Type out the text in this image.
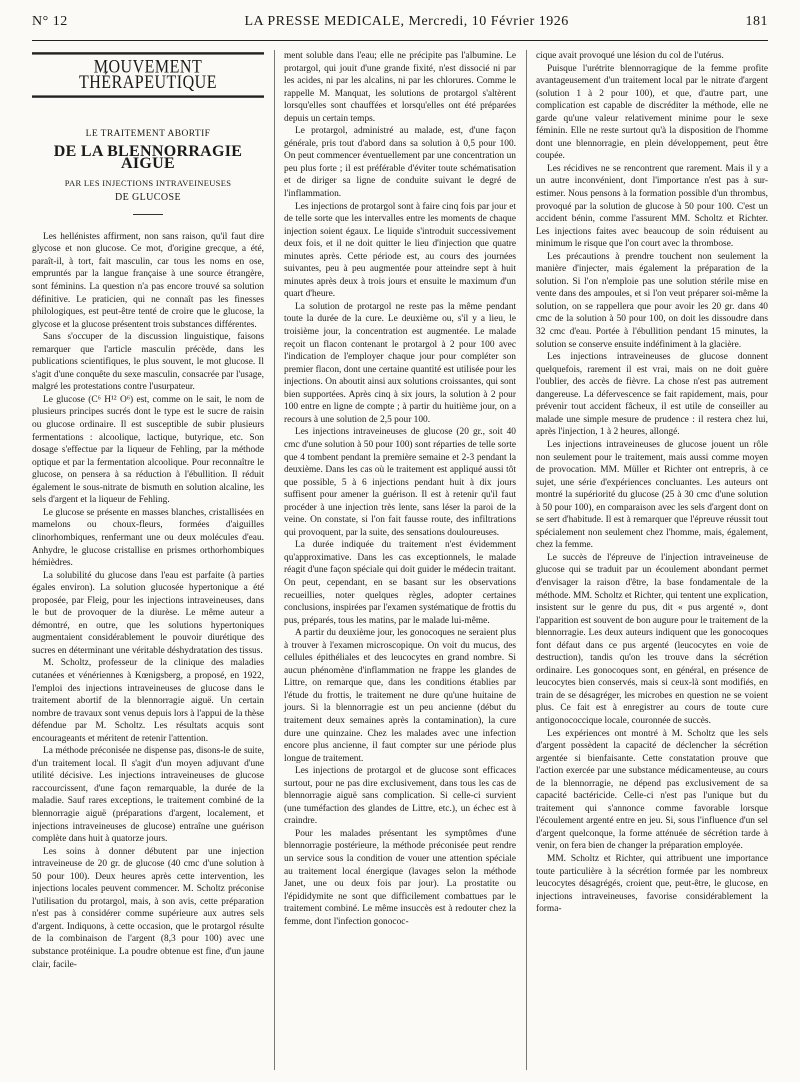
N° 12	LA PRESSE MEDICALE, Mercredi, 10 Février 1926	181
MOUVEMENT THÉRAPEUTIQUE
LE TRAITEMENT ABORTIF
DE LA BLENNORRAGIE AIGUE
PAR LES INJECTIONS INTRAVEINEUSES
DE GLUCOSE

Les hellénistes affirment, non sans raison, qu'il faut dire glycose et non glucose. Ce mot, d'origine grecque, a été, paraît-il, à tort, fait masculin, car tous les noms en ose, empruntés par la langue française à une source étrangère, sont féminins. La question n'a pas encore trouvé sa solution définitive. Le praticien, qui ne connaît pas les finesses philologiques, est peut-être tenté de croire que le glucose, la glycose et la glucose présentent trois substances différentes.

Sans s'occuper de la discussion linguistique, faisons remarquer que l'article masculin précède, dans les publications scientifiques, le plus souvent, le mot glucose. Il s'agit d'une conquête du sexe masculin, consacrée par l'usage, malgré les protestations contre l'usurpateur.

Le glucose (C⁶ H¹² O⁶) est, comme on le sait, le nom de plusieurs principes sucrés dont le type est le sucre de raisin ou glucose ordinaire. Il est susceptible de subir plusieurs fermentations : alcoolique, lactique, butyrique, etc. Son dosage s'effectue par la liqueur de Fehling, par la méthode optique et par la fermentation alcoolique. Pour reconnaître le glucose, on pensera à sa réduction à l'ébullition. Il réduit également le sous-nitrate de bismuth en solution alcaline, les sels d'argent et la liqueur de Fehling.

Le glucose se présente en masses blanches, cristallisées en mamelons ou choux-fleurs, formées d'aiguilles clinorhombiques, renfermant une ou deux molécules d'eau. Anhydre, le glucose cristallise en prismes orthorhombiques hémièdres.

La solubilité du glucose dans l'eau est parfaite (à parties égales environ). La solution glucosée hypertonique a été proposée, par Fleig, pour les injections intraveineuses, dans le but de provoquer de la diurèse. Le même auteur a démontré, en outre, que les solutions hypertoniques augmentaient considérablement le pouvoir diurétique des sucres en déterminant une véritable déshydratation des tissus.

M. Scholtz, professeur de la clinique des maladies cutanées et vénériennes à Kœnigsberg, a proposé, en 1922, l'emploi des injections intraveineuses de glucose dans le traitement abortif de la blennorragie aiguë. Un certain nombre de travaux sont venus depuis lors à l'appui de la thèse défendue par M. Scholtz. Les résultats acquis sont encourageants et méritent de retenir l'attention.

La méthode préconisée ne dispense pas, disons-le de suite, d'un traitement local. Il s'agit d'un moyen adjuvant d'une utilité décisive. Les injections intraveineuses de glucose raccourcissent, d'une façon remarquable, la durée de la maladie. Sauf rares exceptions, le traitement combiné de la blennorragie aiguë (préparations d'argent, localement, et injections intraveineuses de glucose) entraîne une guérison complète dans huit à quatorze jours.

Les soins à donner débutent par une injection intraveineuse de 20 gr. de glucose (40 cmc d'une solution à 50 pour 100). Deux heures après cette intervention, les injections locales peuvent commencer. M. Scholtz préconise l'utilisation du protargol, mais, à son avis, cette préparation n'est pas à considérer comme supérieure aux autres sels d'argent. Indiquons, à cette occasion, que le protargol résulte de la combinaison de l'argent (8,3 pour 100) avec une substance protéinique. La poudre obtenue est fine, d'un jaune clair, facile-

ment soluble dans l'eau; elle ne précipite pas l'albumine. Le protargol, qui jouit d'une grande fixité, n'est dissocié ni par les acides, ni par les alcalins, ni par les chlorures. Comme le rappelle M. Manquat, les solutions de protargol s'altèrent lorsqu'elles sont chauffées et lorsqu'elles ont été préparées depuis un certain temps.

Le protargol, administré au malade, est, d'une façon générale, pris tout d'abord dans sa solution à 0,5 pour 100. On peut commencer éventuellement par une concentration un peu plus forte ; il est préférable d'éviter toute schématisation et de diriger sa ligne de conduite suivant le degré de l'inflammation.

Les injections de protargol sont à faire cinq fois par jour et de telle sorte que les intervalles entre les moments de chaque injection soient égaux. Le liquide s'introduit successivement deux fois, et il ne doit quitter le lieu d'injection que quatre minutes après. Cette période est, au cours des journées suivantes, peu à peu augmentée pour atteindre sept à huit minutes après deux à trois jours et ensuite le maximum d'un quart d'heure.

La solution de protargol ne reste pas la même pendant toute la durée de la cure. Le deuxième ou, s'il y a lieu, le troisième jour, la concentration est augmentée. Le malade reçoit un flacon contenant le protargol à 2 pour 100 avec l'indication de l'employer chaque jour pour compléter son premier flacon, dont une certaine quantité est utilisée pour les injections. On aboutit ainsi aux solutions croissantes, qui sont bien supportées. Après cinq à six jours, la solution à 2 pour 100 entre en ligne de compte ; à partir du huitième jour, on a recours à une solution de 2,5 pour 100.

Les injections intraveineuses de glucose (20 gr., soit 40 cmc d'une solution à 50 pour 100) sont réparties de telle sorte que 4 tombent pendant la première semaine et 2-3 pendant la deuxième. Dans les cas où le traitement est appliqué aussi tôt que possible, 5 à 6 injections pendant huit à dix jours suffisent pour amener la guérison. Il est à retenir qu'il faut procéder à une injection très lente, sans léser la paroi de la veine. On constate, si l'on fait fausse route, des infiltrations qui provoquent, par la suite, des sensations douloureuses.

La durée indiquée du traitement n'est évidemment qu'approximative. Dans les cas exceptionnels, le malade réagit d'une façon spéciale qui doit guider le médecin traitant. On peut, cependant, en se basant sur les observations recueillies, noter quelques règles, adopter certaines conclusions, inspirées par l'examen systématique de frottis du pus, préparés, tous les matins, par le malade lui-même.

A partir du deuxième jour, les gonocoques ne seraient plus à trouver à l'examen microscopique. On voit du mucus, des cellules épithéliales et des leucocytes en grand nombre. Si aucun phénomène d'inflammation ne frappe les glandes de Littre, on remarque que, dans les conditions établies par l'étude du frottis, le traitement ne dure qu'une huitaine de jours. Si la blennorragie est un peu ancienne (début du traitement deux semaines après la contamination), la cure dure une quinzaine. Chez les malades avec une infection encore plus ancienne, il faut compter sur une période plus longue de traitement.

Les injections de protargol et de glucose sont efficaces surtout, pour ne pas dire exclusivement, dans tous les cas de blennorragie aiguë sans complication. Si celle-ci survient (une tuméfaction des glandes de Littre, etc.), un échec est à craindre.

Pour les malades présentant les symptômes d'une blennorragie postérieure, la méthode préconisée peut rendre un service sous la condition de vouer une attention spéciale au traitement local énergique (lavages selon la méthode Janet, une ou deux fois par jour). La prostatite ou l'épididymite ne sont que difficilement combattues par le traitement combiné. Le même insuccès est à redouter chez la femme, dont l'infection gonococ-

cique avait provoqué une lésion du col de l'utérus.

Puisque l'urétrite blennorragique de la femme profite avantageusement d'un traitement local par le nitrate d'argent (solution 1 à 2 pour 100), et que, d'autre part, une complication est capable de discréditer la méthode, elle ne garde qu'une valeur relativement minime pour le sexe féminin. Elle ne reste surtout qu'à la disposition de l'homme dont une blennorragie, en plein développement, peut être coupée.

Les récidives ne se rencontrent que rarement. Mais il y a un autre inconvénient, dont l'importance n'est pas à sur-estimer. Nous pensons à la formation possible d'un thrombus, provoqué par la solution de glucose à 50 pour 100. C'est un accident bénin, comme l'assurent MM. Scholtz et Richter. Les injections faites avec beaucoup de soin réduisent au minimum le risque que l'on court avec la thrombose.

Les précautions à prendre touchent non seulement la manière d'injecter, mais également la préparation de la solution. Si l'on n'emploie pas une solution stérile mise en vente dans des ampoules, et si l'on veut préparer soi-même la solution, on se rappellera que pour avoir les 20 gr. dans 40 cmc de la solution à 50 pour 100, on doit les dissoudre dans 32 cmc d'eau. Portée à l'ébullition pendant 15 minutes, la solution se conserve ensuite indéfiniment à la glacière.

Les injections intraveineuses de glucose donnent quelquefois, rarement il est vrai, mais on ne doit guère l'oublier, des accès de fièvre. La chose n'est pas autrement dangereuse. La défervescence se fait rapidement, mais, pour prévenir tout accident fâcheux, il est utile de conseiller au malade une simple mesure de prudence : il restera chez lui, après l'injection, 1 à 2 heures, allongé.

Les injections intraveineuses de glucose jouent un rôle non seulement pour le traitement, mais aussi comme moyen de provocation. MM. Müller et Richter ont entrepris, à ce sujet, une série d'expériences concluantes. Les auteurs ont montré la supériorité du glucose (25 à 30 cmc d'une solution à 50 pour 100), en comparaison avec les sels d'argent dont on se sert d'habitude. Il est à remarquer que l'épreuve réussit tout spécialement non seulement chez l'homme, mais, également, chez la femme.

Le succès de l'épreuve de l'injection intraveineuse de glucose qui se traduit par un écoulement abondant permet d'envisager la raison d'être, la base fondamentale de la méthode. MM. Scholtz et Richter, qui tentent une explication, insistent sur le genre du pus, dit « pus argenté », dont l'apparition est souvent de bon augure pour le traitement de la blennorragie. Les deux auteurs indiquent que les gonocoques font défaut dans ce pus argenté (leucocytes en voie de destruction), tandis qu'on les trouve dans la sécrétion ordinaire. Les gonocoques sont, en général, en présence de leucocytes bien conservés, mais si ceux-là sont modifiés, en train de se désagréger, les microbes en question ne se voient plus. Ce fait est à enregistrer au cours de toute cure antigonococcique locale, couronnée de succès.

Les expériences ont montré à M. Scholtz que les sels d'argent possèdent la capacité de déclencher la sécrétion argentée si bienfaisante. Cette constatation prouve que l'action exercée par une substance médicamenteuse, au cours de la blennorragie, ne dépend pas exclusivement de sa capacité bactéricide. Celle-ci n'est pas l'unique but du traitement qui s'annonce comme favorable lorsque l'écoulement argenté entre en jeu. Si, sous l'influence d'un sel d'argent quelconque, la forme atténuée de sécrétion tarde à venir, on fera bien de changer la préparation employée.

MM. Scholtz et Richter, qui attribuent une importance toute particulière à la sécrétion formée par les nombreux leucocytes désagrégés, croient que, peut-être, le glucose, en injections intraveineuses, favorise considérablement la forma-
